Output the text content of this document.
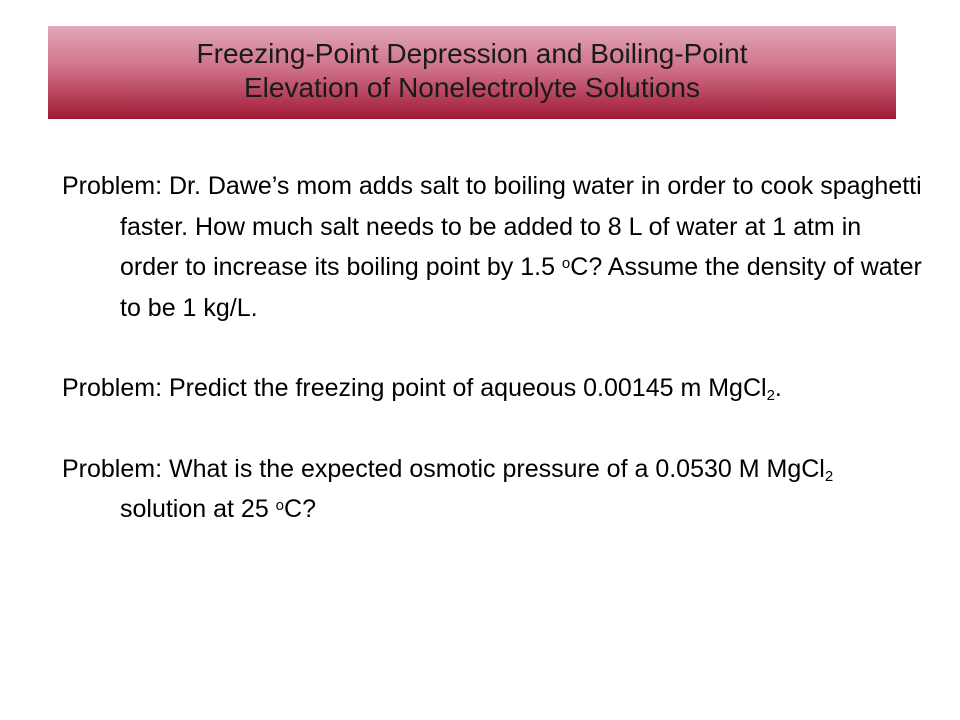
Freezing-Point Depression and Boiling-Point
Elevation of Nonelectrolyte Solutions

Problem: Dr. Dawe’s mom adds salt to boiling water in order to cook spaghetti faster. How much salt needs to be added to 8 L of water at 1 atm in order to increase its boiling point by 1.5 $^o$C? Assume the density of water to be 1 kg/L.

Problem: Predict the freezing point of aqueous 0.00145 m MgCl$_2$.

Problem: What is the expected osmotic pressure of a 0.0530 M MgCl$_2$ solution at 25 $^o$C?
